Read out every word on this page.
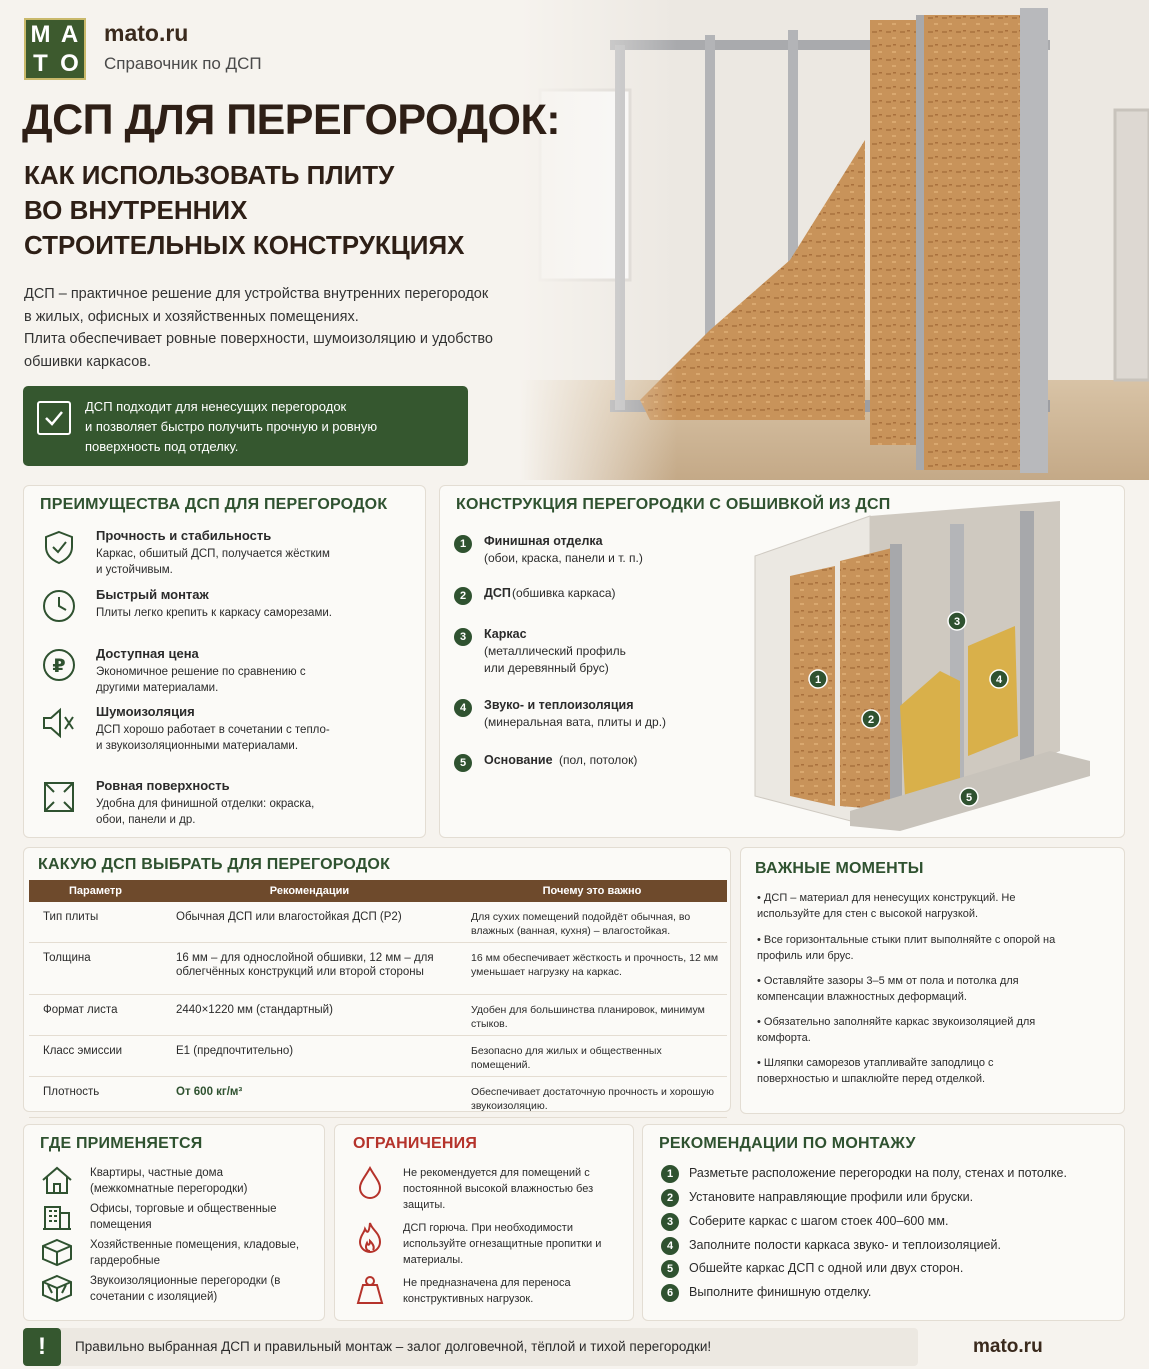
М А
Т О
mato.ru
Справочник по ДСП
ДСП ДЛЯ ПЕРЕГОРОДОК:
КАК ИСПОЛЬЗОВАТЬ ПЛИТУ
ВО ВНУТРЕННИХ
СТРОИТЕЛЬНЫХ КОНСТРУКЦИЯХ
ДСП – практичное решение для устройства внутренних перегородок
в жилых, офисных и хозяйственных помещениях.
Плита обеспечивает ровные поверхности, шумоизоляцию и удобство
обшивки каркасов.
ДСП подходит для ненесущих перегородок
и позволяет быстро получить прочную и ровную
поверхность под отделку.
ПРЕИМУЩЕСТВА ДСП ДЛЯ ПЕРЕГОРОДОК
Прочность и стабильность
Каркас, обшитый ДСП, получается жёстким и устойчивым.
Быстрый монтаж
Плиты легко крепить к каркасу саморезами.
₽
Доступная цена
Экономичное решение по сравнению с другими материалами.
Шумоизоляция
ДСП хорошо работает в сочетании с тепло- и звукоизоляционными материалами.
Ровная поверхность
Удобна для финишной отделки: окраска, обои, панели и др.
КОНСТРУКЦИЯ ПЕРЕГОРОДКИ С ОБШИВКОЙ ИЗ ДСП
1 Финишная отделка
(обои, краска, панели и т. п.)
2 ДСП (обшивка каркаса)
3 Каркас
(металлический профиль
или деревянный брус)
4 Звуко- и теплоизоляция
(минеральная вата, плиты и др.)
5 Основание (пол, потолок)
1
2
3
4
5
КАКУЮ ДСП ВЫБРАТЬ ДЛЯ ПЕРЕГОРОДОК
Параметр	Рекомендации	Почему это важно
Тип плиты	Обычная ДСП или влагостойкая ДСП (Р2)	Для сухих помещений подойдёт обычная, во влажных (ванная, кухня) – влагостойкая.
Толщина	16 мм – для однослойной обшивки, 12 мм – для облегчённых конструкций или второй стороны	16 мм обеспечивает жёсткость и прочность, 12 мм уменьшает нагрузку на каркас.
Формат листа	2440×1220 мм (стандартный)	Удобен для большинства планировок, минимум стыков.
Класс эмиссии	Е1 (предпочтительно)	Безопасно для жилых и общественных помещений.
Плотность	От 600 кг/м³	Обеспечивает достаточную прочность и хорошую звукоизоляцию.
ВАЖНЫЕ МОМЕНТЫ
• ДСП – материал для ненесущих конструкций. Не используйте для стен с высокой нагрузкой.
• Все горизонтальные стыки плит выполняйте с опорой на профиль или брус.
• Оставляйте зазоры 3–5 мм от пола и потолка для компенсации влажностных деформаций.
• Обязательно заполняйте каркас звукоизоляцией для комфорта.
• Шляпки саморезов утапливайте заподлицо с поверхностью и шпаклюйте перед отделкой.
ГДЕ ПРИМЕНЯЕТСЯ
Квартиры, частные дома (межкомнатные перегородки)
Офисы, торговые и общественные помещения
Хозяйственные помещения, кладовые, гардеробные
Звукоизоляционные перегородки (в сочетании с изоляцией)
ОГРАНИЧЕНИЯ
Не рекомендуется для помещений с постоянной высокой влажностью без защиты.
ДСП горюча. При необходимости используйте огнезащитные пропитки и материалы.
Не предназначена для переноса конструктивных нагрузок.
РЕКОМЕНДАЦИИ ПО МОНТАЖУ
1	Разметьте расположение перегородки на полу, стенах и потолке.
2	Установите направляющие профили или бруски.
3	Соберите каркас с шагом стоек 400–600 мм.
4	Заполните полости каркаса звуко- и теплоизоляцией.
5	Обшейте каркас ДСП с одной или двух сторон.
6	Выполните финишную отделку.
!	Правильно выбранная ДСП и правильный монтаж – залог долговечной, тёплой и тихой перегородки!	mato.ru
